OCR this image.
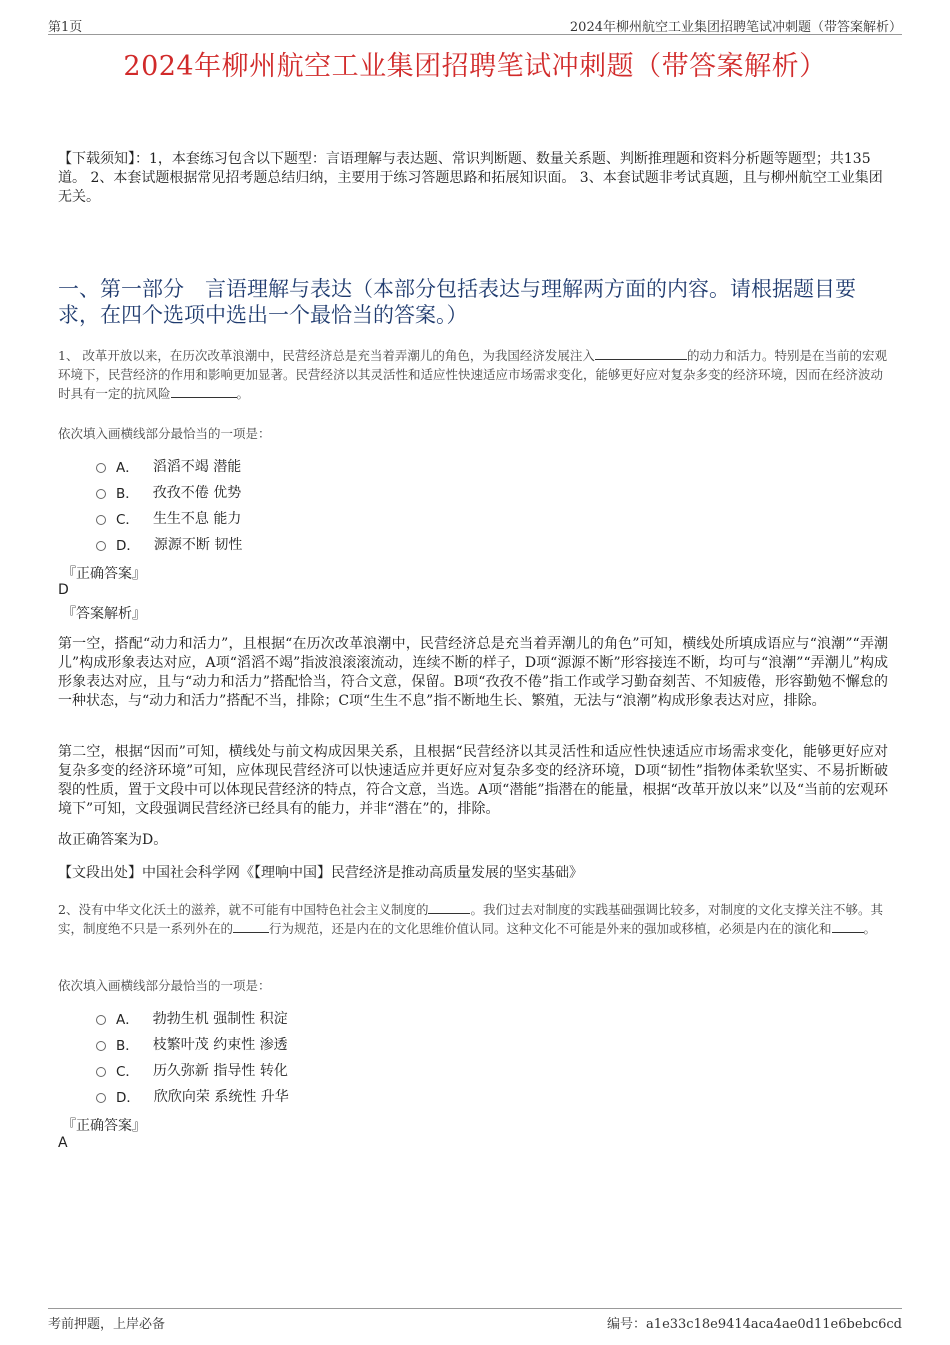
第1页	2024年柳州航空工业集团招聘笔试冲刺题（带答案解析）
2024年柳州航空工业集团招聘笔试冲刺题（带答案解析）
【下载须知】：1，本套练习包含以下题型：言语理解与表达题、常识判断题、数量关系题、判断推理题和资料分析题等题型；共135道。 2、本套试题根据常见招考题总结归纳，主要用于练习答题思路和拓展知识面。 3、本套试题非考试真题，且与柳州航空工业集团无关。
一、第一部分　言语理解与表达（本部分包括表达与理解两方面的内容。请根据题目要求，在四个选项中选出一个最恰当的答案。）
1、 改革开放以来，在历次改革浪潮中，民营经济总是充当着弄潮儿的角色，为我国经济发展注入	的动力和活力。特别是在当前的宏观环境下，民营经济的作用和影响更加显著。民营经济以其灵活性和适应性快速适应市场需求变化，能够更好应对复杂多变的经济环境，因而在经济波动时具有一定的抗风险	。
依次填入画横线部分最恰当的一项是：
A． 滔滔不竭 潜能
B． 孜孜不倦 优势
C． 生生不息 能力
D． 源源不断 韧性
『正确答案』
D
『答案解析』
第一空，搭配“动力和活力”，且根据“在历次改革浪潮中，民营经济总是充当着弄潮儿的角色”可知，横线处所填成语应与“浪潮”“弄潮儿”构成形象表达对应，A项“滔滔不竭”指波浪滚滚流动，连续不断的样子，D项“源源不断”形容接连不断，均可与“浪潮”“弄潮儿”构成形象表达对应，且与“动力和活力”搭配恰当，符合文意，保留。B项“孜孜不倦”指工作或学习勤奋刻苦、不知疲倦，形容勤勉不懈怠的一种状态，与“动力和活力”搭配不当，排除；C项“生生不息”指不断地生长、繁殖，无法与“浪潮”构成形象表达对应，排除。
第二空，根据“因而”可知，横线处与前文构成因果关系，且根据“民营经济以其灵活性和适应性快速适应市场需求变化，能够更好应对复杂多变的经济环境”可知，应体现民营经济可以快速适应并更好应对复杂多变的经济环境，D项“韧性”指物体柔软坚实、不易折断破裂的性质，置于文段中可以体现民营经济的特点，符合文意，当选。A项“潜能”指潜在的能量，根据“改革开放以来”以及“当前的宏观环境下”可知，文段强调民营经济已经具有的能力，并非“潜在”的，排除。
故正确答案为D。
【文段出处】中国社会科学网《【理响中国】民营经济是推动高质量发展的坚实基础》
2、没有中华文化沃土的滋养，就不可能有中国特色社会主义制度的	。我们过去对制度的实践基础强调比较多，对制度的文化支撑关注不够。其实，制度绝不只是一系列外在的	行为规范，还是内在的文化思维价值认同。这种文化不可能是外来的强加或移植，必须是内在的演化和	。
依次填入画横线部分最恰当的一项是：
A． 勃勃生机 强制性 积淀
B． 枝繁叶茂 约束性 渗透
C． 历久弥新 指导性 转化
D． 欣欣向荣 系统性 升华
『正确答案』
A
考前押题，上岸必备	编号：a1e33c18e9414aca4ae0d11e6bebc6cd
